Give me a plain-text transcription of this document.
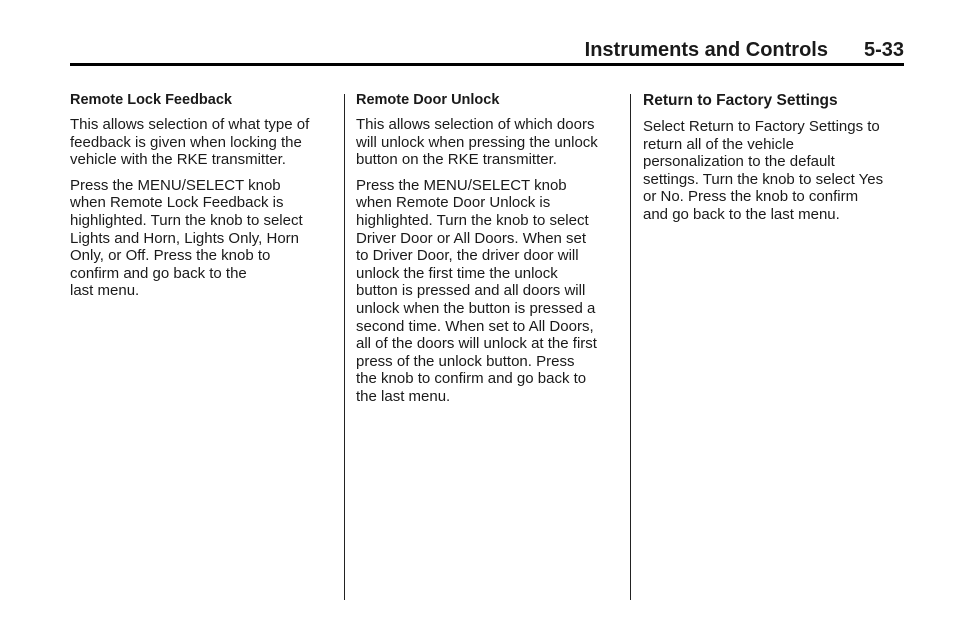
Instruments and Controls 5-33
Remote Lock Feedback
This allows selection of what type of
feedback is given when locking the
vehicle with the RKE transmitter.
Press the MENU/SELECT knob
when Remote Lock Feedback is
highlighted. Turn the knob to select
Lights and Horn, Lights Only, Horn
Only, or Off. Press the knob to
confirm and go back to the
last menu.
Remote Door Unlock
This allows selection of which doors
will unlock when pressing the unlock
button on the RKE transmitter.
Press the MENU/SELECT knob
when Remote Door Unlock is
highlighted. Turn the knob to select
Driver Door or All Doors. When set
to Driver Door, the driver door will
unlock the first time the unlock
button is pressed and all doors will
unlock when the button is pressed a
second time. When set to All Doors,
all of the doors will unlock at the first
press of the unlock button. Press
the knob to confirm and go back to
the last menu.
Return to Factory Settings
Select Return to Factory Settings to
return all of the vehicle
personalization to the default
settings. Turn the knob to select Yes
or No. Press the knob to confirm
and go back to the last menu.
